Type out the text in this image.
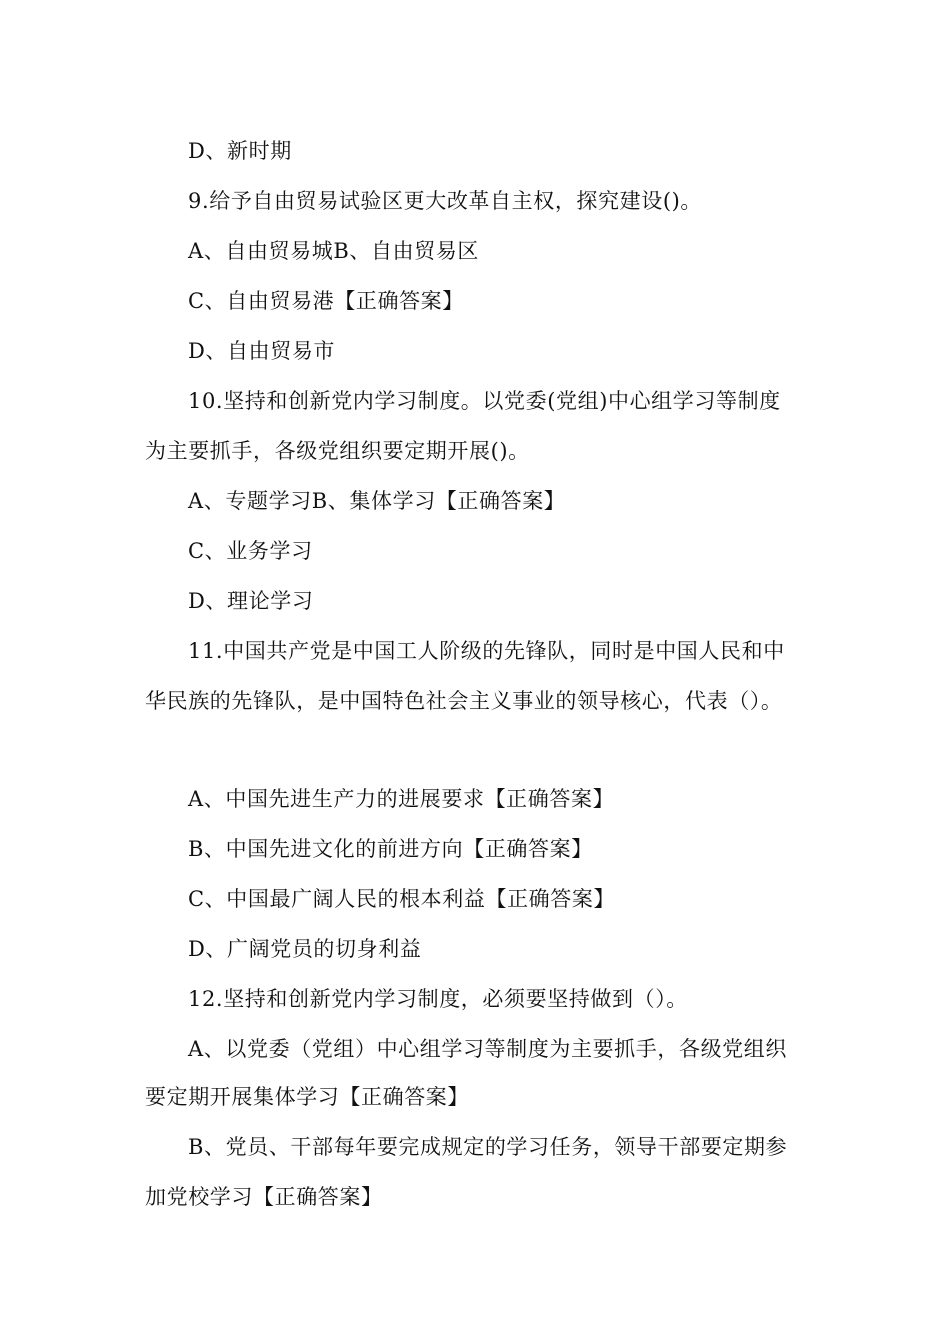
D、新时期
9.给予自由贸易试验区更大改革自主权，探究建设()。
A、自由贸易城B、自由贸易区
C、自由贸易港【正确答案】
D、自由贸易市
10.坚持和创新党内学习制度。以党委(党组)中心组学习等制度
为主要抓手，各级党组织要定期开展()。
A、专题学习B、集体学习【正确答案】
C、业务学习
D、理论学习
11.中国共产党是中国工人阶级的先锋队，同时是中国人民和中
华民族的先锋队，是中国特色社会主义事业的领导核心，代表（）。
A、中国先进生产力的进展要求【正确答案】
B、中国先进文化的前进方向【正确答案】
C、中国最广阔人民的根本利益【正确答案】
D、广阔党员的切身利益
12.坚持和创新党内学习制度，必须要坚持做到（）。
A、以党委（党组）中心组学习等制度为主要抓手，各级党组织
要定期开展集体学习【正确答案】
B、党员、干部每年要完成规定的学习任务，领导干部要定期参
加党校学习【正确答案】
